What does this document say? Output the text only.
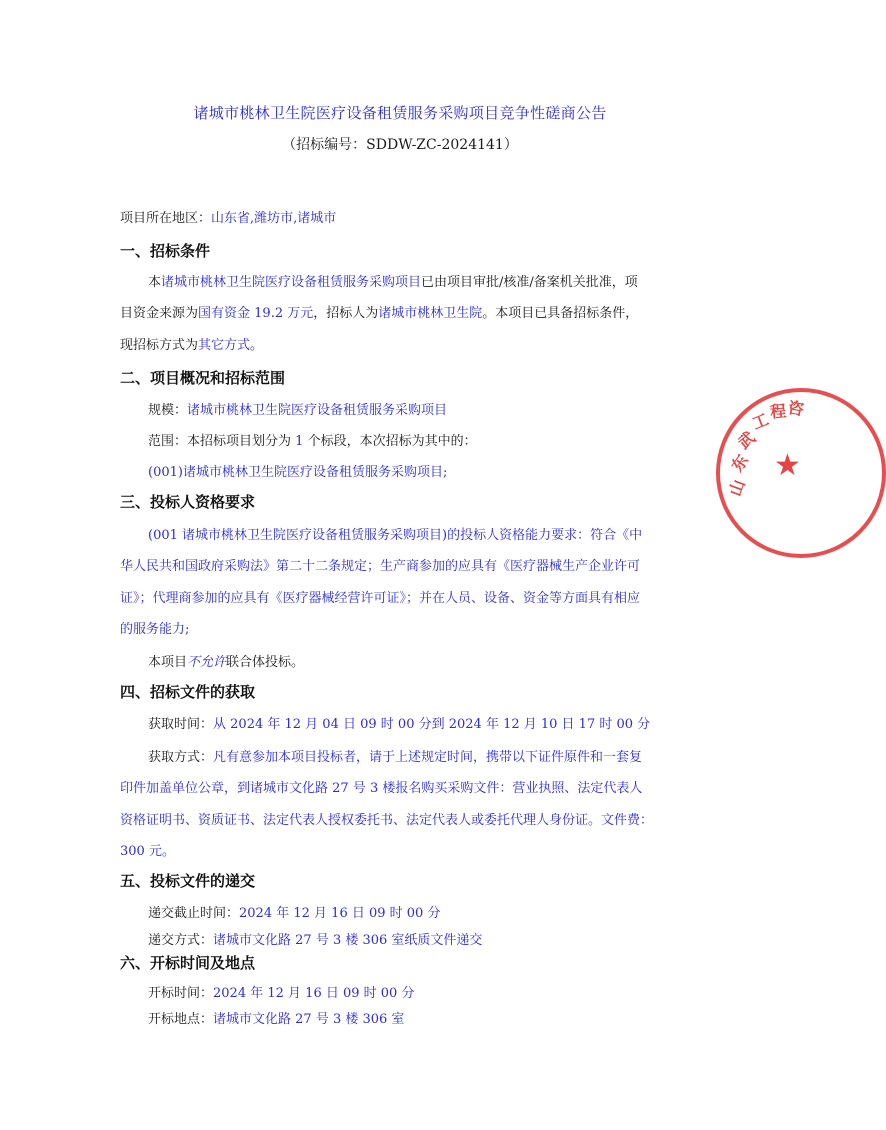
诸城市桃林卫生院医疗设备租赁服务采购项目竞争性磋商公告
（招标编号：SDDW-ZC-2024141）
项目所在地区：山东省,潍坊市,诸城市
一、招标条件
本诸城市桃林卫生院医疗设备租赁服务采购项目已由项目审批/核准/备案机关批准，项
目资金来源为国有资金 19.2 万元，招标人为诸城市桃林卫生院。本项目已具备招标条件，
现招标方式为其它方式。
二、项目概况和招标范围
规模：诸城市桃林卫生院医疗设备租赁服务采购项目
范围：本招标项目划分为 1 个标段，本次招标为其中的：
(001)诸城市桃林卫生院医疗设备租赁服务采购项目;
三、投标人资格要求
(001 诸城市桃林卫生院医疗设备租赁服务采购项目)的投标人资格能力要求：符合《中
华人民共和国政府采购法》第二十二条规定；生产商参加的应具有《医疗器械生产企业许可
证》；代理商参加的应具有《医疗器械经营许可证》；并在人员、设备、资金等方面具有相应
的服务能力;
本项目不允许联合体投标。
四、招标文件的获取
获取时间：从 2024 年 12 月 04 日 09 时 00 分到 2024 年 12 月 10 日 17 时 00 分
获取方式：凡有意参加本项目投标者，请于上述规定时间，携带以下证件原件和一套复
印件加盖单位公章，到诸城市文化路 27 号 3 楼报名购买采购文件：营业执照、法定代表人
资格证明书、资质证书、法定代表人授权委托书、法定代表人或委托代理人身份证。文件费：
300 元。
五、投标文件的递交
递交截止时间：2024 年 12 月 16 日 09 时 00 分
递交方式：诸城市文化路 27 号 3 楼 306 室纸质文件递交
六、开标时间及地点
开标时间：2024 年 12 月 16 日 09 时 00 分
开标地点：诸城市文化路 27 号 3 楼 306 室
★
山
东
武
工
程 咨
